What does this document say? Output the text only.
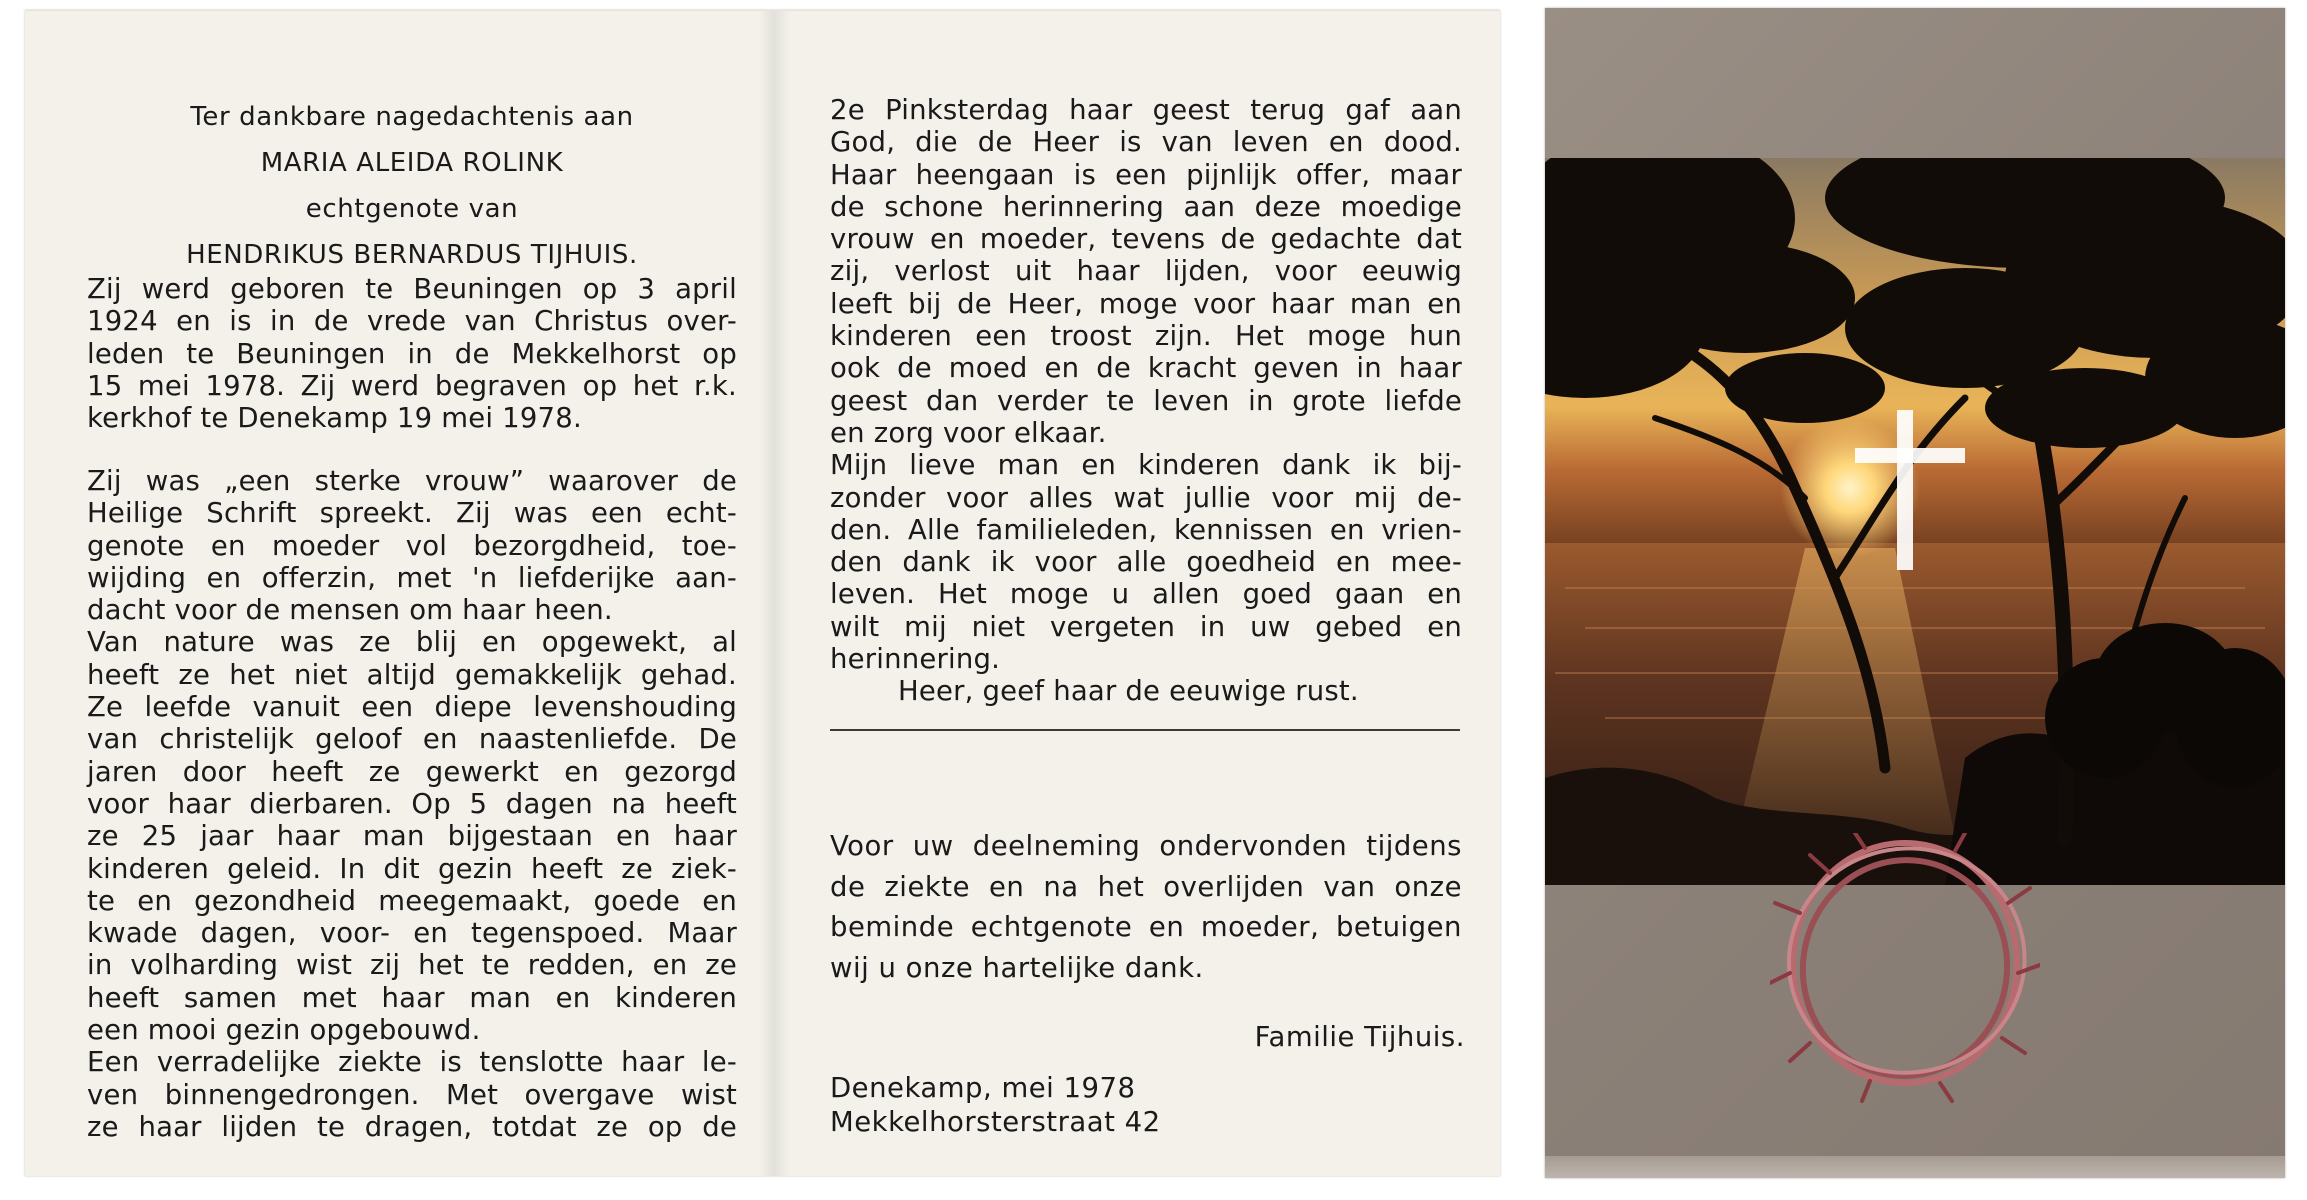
Ter dankbare nagedachtenis aan
MARIA ALEIDA ROLINK
echtgenote van
HENDRIKUS BERNARDUS TIJHUIS.
Zij werd geboren te Beuningen op 3 april
1924 en is in de vrede van Christus over-
leden te Beuningen in de Mekkelhorst op
15 mei 1978. Zij werd begraven op het r.k.
kerkhof te Denekamp 19 mei 1978.
Zij was „een sterke vrouw” waarover de
Heilige Schrift spreekt. Zij was een echt-
genote en moeder vol bezorgdheid, toe-
wijding en offerzin, met 'n liefderijke aan-
dacht voor de mensen om haar heen.
Van nature was ze blij en opgewekt, al
heeft ze het niet altijd gemakkelijk gehad.
Ze leefde vanuit een diepe levenshouding
van christelijk geloof en naastenliefde. De
jaren door heeft ze gewerkt en gezorgd
voor haar dierbaren. Op 5 dagen na heeft
ze 25 jaar haar man bijgestaan en haar
kinderen geleid. In dit gezin heeft ze ziek-
te en gezondheid meegemaakt, goede en
kwade dagen, voor- en tegenspoed. Maar
in volharding wist zij het te redden, en ze
heeft samen met haar man en kinderen
een mooi gezin opgebouwd.
Een verradelijke ziekte is tenslotte haar le-
ven binnengedrongen. Met overgave wist
ze haar lijden te dragen, totdat ze op de
2e Pinksterdag haar geest terug gaf aan
God, die de Heer is van leven en dood.
Haar heengaan is een pijnlijk offer, maar
de schone herinnering aan deze moedige
vrouw en moeder, tevens de gedachte dat
zij, verlost uit haar lijden, voor eeuwig
leeft bij de Heer, moge voor haar man en
kinderen een troost zijn. Het moge hun
ook de moed en de kracht geven in haar
geest dan verder te leven in grote liefde
en zorg voor elkaar.
Mijn lieve man en kinderen dank ik bij-
zonder voor alles wat jullie voor mij de-
den. Alle familieleden, kennissen en vrien-
den dank ik voor alle goedheid en mee-
leven. Het moge u allen goed gaan en
wilt mij niet vergeten in uw gebed en
herinnering.
Heer, geef haar de eeuwige rust.
Voor uw deelneming ondervonden tijdens
de ziekte en na het overlijden van onze
beminde echtgenote en moeder, betuigen
wij u onze hartelijke dank.
Familie Tijhuis.
Denekamp, mei 1978
Mekkelhorsterstraat 42
